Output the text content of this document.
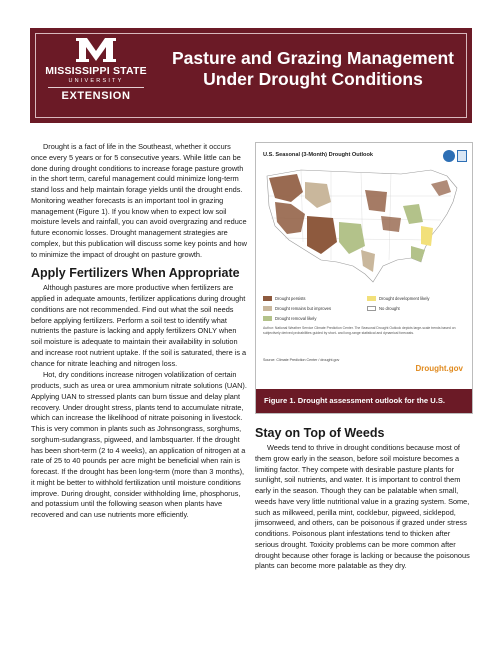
MISSISSIPPI STATE
UNIVERSITY
EXTENSION
Pasture and Grazing Management
Under Drought Conditions

Drought is a fact of life in the Southeast, whether it occurs once every 5 years or for 5 consecutive years. While little can be done during drought conditions to increase forage pasture growth in the short term, careful management could minimize long-term stand loss and help maintain forage yields until the drought ends. Monitoring weather forecasts is an important tool in grazing management (Figure 1). If you know when to expect low soil moisture levels and rainfall, you can avoid overgrazing and reduce future economic losses. Drought management strategies are complex, but this publication will discuss some key points and how to minimize the impact of drought on pasture growth.

Apply Fertilizers When Appropriate

Although pastures are more productive when fertilizers are applied in adequate amounts, fertilizer applications during drought conditions are not recommended. Find out what the soil needs before applying fertilizers. Perform a soil test to identify what nutrients the pasture is lacking and apply fertilizers ONLY when soil moisture is adequate to maintain their availability in solution and increase root nutrient uptake. If the soil is saturated, there is a chance for nitrate leaching and nitrogen loss.

Hot, dry conditions increase nitrogen volatilization of certain products, such as urea or urea ammonium nitrate solutions (UAN). Applying UAN to stressed plants can burn tissue and delay plant recovery. Under drought stress, plants tend to accumulate nitrate, which can increase the likelihood of nitrate poisoning in livestock. This is very common in plants such as Johnsongrass, sorghums, sorghum-sudangrass, pigweed, and lambsquarter. If the drought has been short-term (2 to 4 weeks), an application of nitrogen at a rate of 25 to 40 pounds per acre might be beneficial when rain is forecast. If the drought has been long-term (more than 3 months), it might be better to withhold fertilization until moisture conditions improve. During drought, consider withholding lime, phosphorus, and potassium until the following season when plants have recovered and can use nutrients more efficiently.

U.S. Seasonal (3-Month) Drought Outlook
Drought persists
Drought remains but improves
Drought removal likely
Drought development likely
No drought
Author: National Weather Service Climate Prediction Center. The Seasonal Drought Outlook depicts large-scale trends based on subjectively derived probabilities guided by short- and long-range statistical and dynamical forecasts.
Source: Climate Prediction Center / drought.gov
Drought.gov
Figure 1. Drought assessment outlook for the U.S.
Stay on Top of Weeds

Weeds tend to thrive in drought conditions because most of them grow early in the season, before soil moisture becomes a limiting factor. They compete with desirable pasture plants for sunlight, soil nutrients, and water. It is important to control them early in the season. Though they can be palatable when small, weeds have very little nutritional value in a grazing system. Some, such as milkweed, perilla mint, cocklebur, pigweed, sicklepod, jimsonweed, and others, can be poisonous if grazed under stress conditions. Poisonous plant infestations tend to thicken after serious drought. Toxicity problems can be more common after drought because other forage is lacking or because the poisonous plants can become more palatable as they dry.
